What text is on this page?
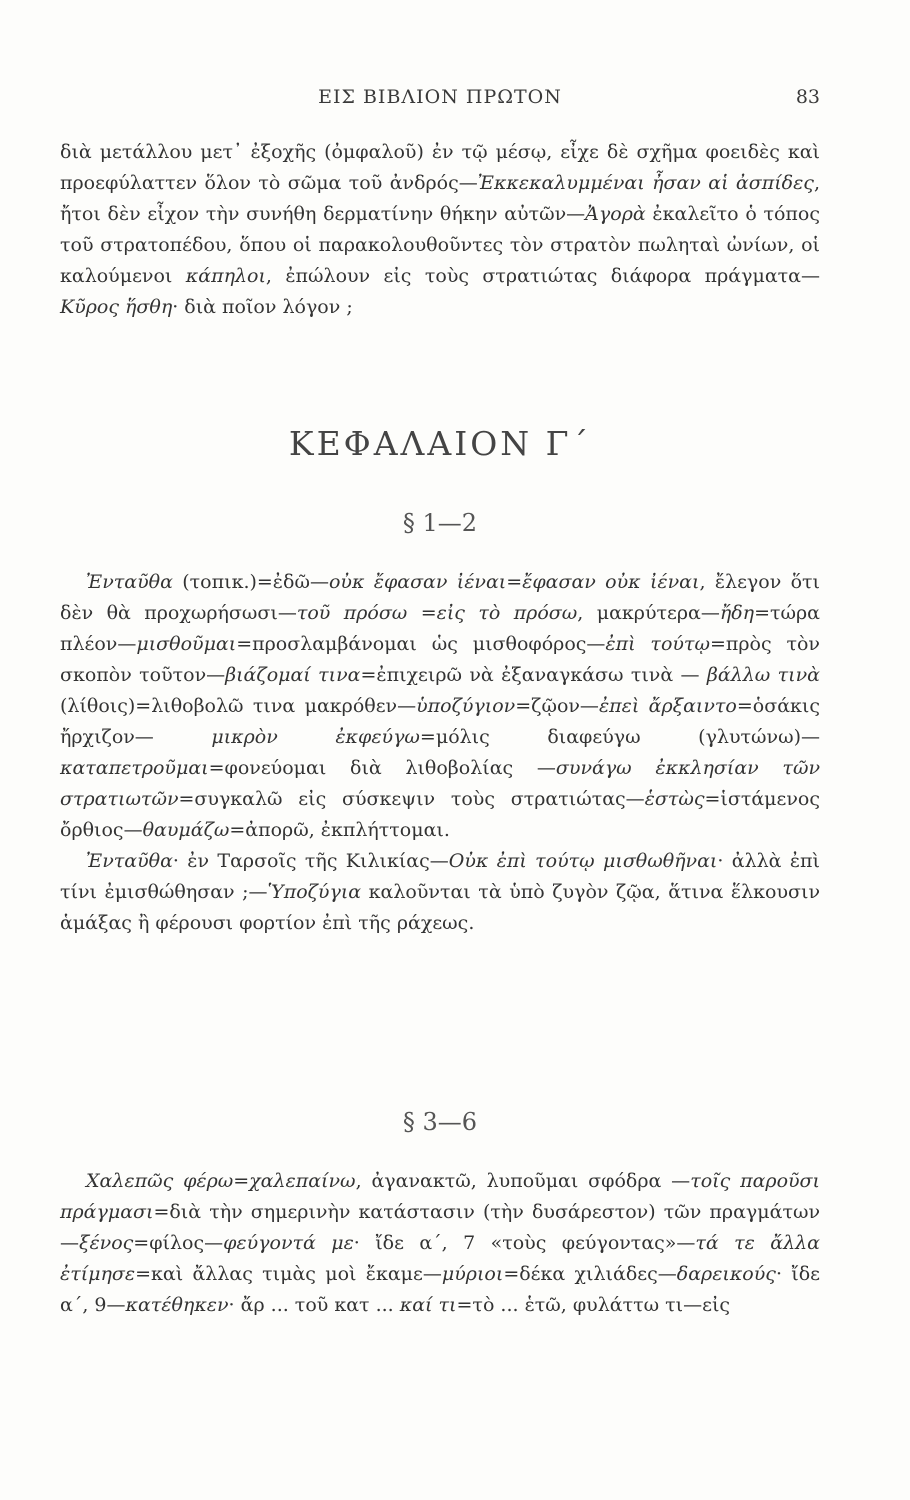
ΕΙΣ ΒΙΒΛΙΟΝ ΠΡΩΤΟΝ	83

διὰ μετάλλου μετ᾽ ἐξοχῆς (ὀμφαλοῦ) ἐν τῷ μέσῳ, εἶχε δὲ σχῆμα φοειδὲς καὶ προεφύλαττεν ὅλον τὸ σῶμα τοῦ ἀνδρός—Ἐκκεκαλυμμέναι ἦσαν αἱ ἀσπίδες, ἤτοι δὲν εἶχον τὴν συνήθη δερματίνην θήκην αὐτῶν—Ἀγορὰ ἐκαλεῖτο ὁ τόπος τοῦ στρατοπέδου, ὅπου οἱ παρακολουθοῦντες τὸν στρατὸν πωληταὶ ὠνίων, οἱ καλούμενοι κάπηλοι, ἐπώλουν εἰς τοὺς στρατιώτας διάφορα πράγματα—Κῦρος ἥσθη· διὰ ποῖον λόγον ;

ΚΕΦΑΛΑΙΟΝ Γ΄
§ 1—2

Ἐνταῦθα (τοπικ.)=ἐδῶ—οὐκ ἔφασαν ἰέναι=ἔφασαν οὐκ ἰέναι, ἔλεγον ὅτι δὲν θὰ προχωρήσωσι—τοῦ πρόσω =εἰς τὸ πρόσω, μακρύτερα—ἤδη=τώρα πλέον—μισθοῦμαι=προσλαμβάνομαι ὡς μισθοφόρος—ἐπὶ τούτῳ=πρὸς τὸν σκοπὸν τοῦτον—βιάζομαί τινα=ἐπιχειρῶ νὰ ἐξαναγκάσω τινὰ — βάλλω τινὰ (λίθοις)=λιθοβολῶ τινα μακρόθεν—ὑποζύγιον=ζῷον—ἐπεὶ ἄρξαιντο=ὁσάκις ἤρχιζον— μικρὸν ἐκφεύγω=μόλις διαφεύγω (γλυτώνω)— καταπετροῦμαι=φονεύομαι διὰ λιθοβολίας —συνάγω ἐκκλησίαν τῶν στρατιωτῶν=συγκαλῶ εἰς σύσκεψιν τοὺς στρατιώτας—ἑστὼς=ἱστάμενος ὄρθιος—θαυμάζω=ἀπορῶ, ἐκπλήττομαι.

Ἐνταῦθα· ἐν Ταρσοῖς τῆς Κιλικίας—Οὐκ ἐπὶ τούτῳ μισθωθῆναι· ἀλλὰ ἐπὶ τίνι ἐμισθώθησαν ;—Ὑποζύγια καλοῦνται τὰ ὑπὸ ζυγὸν ζῷα, ἅτινα ἕλκουσιν ἁμάξας ἢ φέρουσι φορτίον ἐπὶ τῆς ράχεως.

§ 3—6

Χαλεπῶς φέρω=χαλεπαίνω, ἀγανακτῶ, λυποῦμαι σφόδρα —τοῖς παροῦσι πράγμασι=διὰ τὴν σημερινὴν κατάστασιν (τὴν δυσάρεστον) τῶν πραγμάτων—ξένος=φίλος—φεύγοντά με· ἴδε α΄, 7 «τοὺς φεύγοντας»—τά τε ἄλλα ἐτίμησε=καὶ ἄλλας τιμὰς μοὶ ἔκαμε—μύριοι=δέκα χιλιάδες—δαρεικούς· ἴδε α΄, 9—κατέθηκεν· ἄρ ... τοῦ κατ ... καί τι=τὸ ... ἑτῶ, φυλάττω τι—εἰς
